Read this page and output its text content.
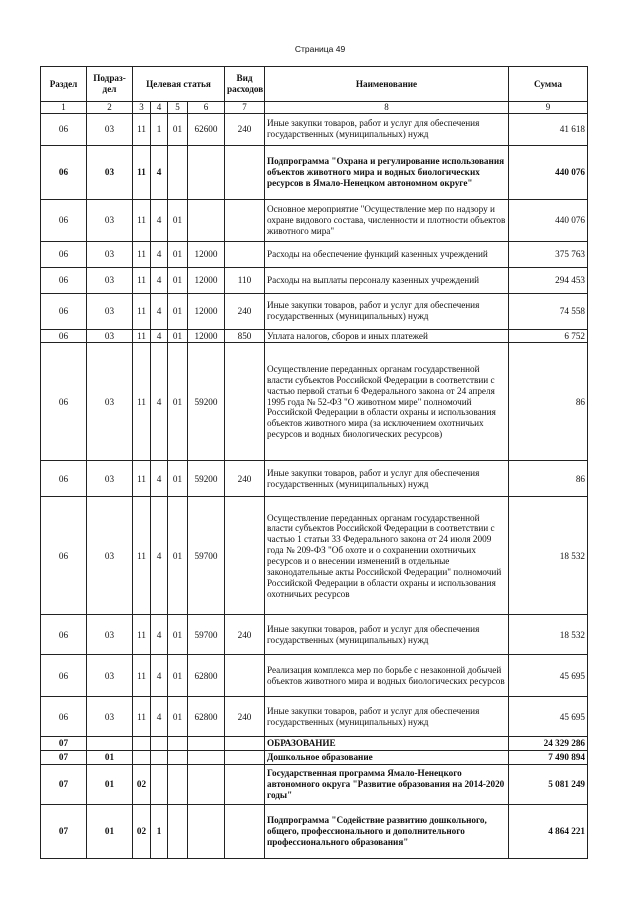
Страница 49
Раздел	Подраз-дел	Целевая статья				Вид расходов	Наименование	Сумма
1	2	3	4	5	6	7	8	9
06	03	11	1	01	62600	240	Иные закупки товаров, работ и услуг для обеспечения государственных (муниципальных) нужд	41 618
06	03	11	4				Подпрограмма "Охрана и регулирование использования объектов животного мира и водных биологических ресурсов в Ямало-Ненецком автономном округе"	440 076
06	03	11	4	01			Основное мероприятие "Осуществление мер по надзору и охране видового состава, численности и плотности объектов животного мира"	440 076
06	03	11	4	01	12000		Расходы на обеспечение функций казенных учреждений	375 763
06	03	11	4	01	12000	110	Расходы на выплаты персоналу казенных учреждений	294 453
06	03	11	4	01	12000	240	Иные закупки товаров, работ и услуг для обеспечения государственных (муниципальных) нужд	74 558
06	03	11	4	01	12000	850	Уплата налогов, сборов и иных платежей	6 752
06	03	11	4	01	59200		Осуществление переданных органам государственной власти субъектов Российской Федерации в соответствии с частью первой статьи 6 Федерального закона от 24 апреля 1995 года № 52-ФЗ "О животном мире" полномочий Российской Федерации в области охраны и использования объектов животного мира (за исключением охотничьих ресурсов и водных биологических ресурсов)	86
06	03	11	4	01	59200	240	Иные закупки товаров, работ и услуг для обеспечения государственных (муниципальных) нужд	86
06	03	11	4	01	59700		Осуществление переданных органам государственной власти субъектов Российской Федерации в соответствии с частью 1 статьи 33 Федерального закона от 24 июля 2009 года № 209-ФЗ "Об охоте и о сохранении охотничьих ресурсов и о внесении изменений в отдельные законодательные акты Российской Федерации" полномочий Российской Федерации в области охраны и использования охотничьих ресурсов	18 532
06	03	11	4	01	59700	240	Иные закупки товаров, работ и услуг для обеспечения государственных (муниципальных) нужд	18 532
06	03	11	4	01	62800		Реализация комплекса мер по борьбе с незаконной добычей объектов животного мира и водных биологических ресурсов	45 695
06	03	11	4	01	62800	240	Иные закупки товаров, работ и услуг для обеспечения государственных (муниципальных) нужд	45 695
07							ОБРАЗОВАНИЕ	24 329 286
07	01						Дошкольное образование	7 490 894
07	01	02					Государственная программа Ямало-Ненецкого автономного округа "Развитие образования на 2014-2020 годы"	5 081 249
07	01	02	1				Подпрограмма "Содействие развитию дошкольного, общего, профессионального и дополнительного профессионального образования"	4 864 221
